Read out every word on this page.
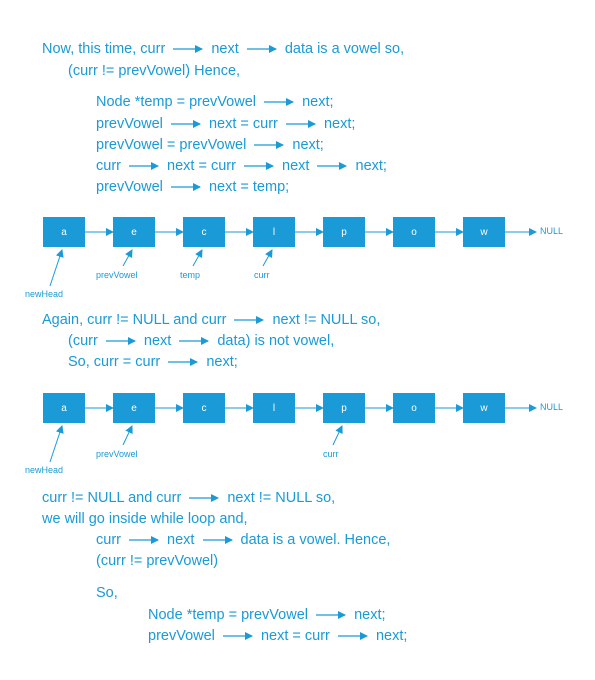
Now, this time, curr	next	data is a vowel so,
(curr != prevVowel) Hence,
Node *temp = prevVowel	next;
prevVowel	next = curr	next;
prevVowel = prevVowel	next;
curr	next = curr	next	next;
prevVowel	next = temp;
a	e	c	l	p	o	w	NULL
newHead
prevVowel	temp	curr
Again, curr != NULL and curr	next != NULL so,
(curr	next	data) is not vowel,
So, curr = curr	next;
a	e	c	l	p	o	w	NULL
newHead
prevVowel	curr
curr != NULL and curr	next != NULL so,
we will go inside while loop and,
curr	next	data is a vowel. Hence,
(curr != prevVowel)
So,
Node *temp = prevVowel	next;
prevVowel	next = curr	next;
